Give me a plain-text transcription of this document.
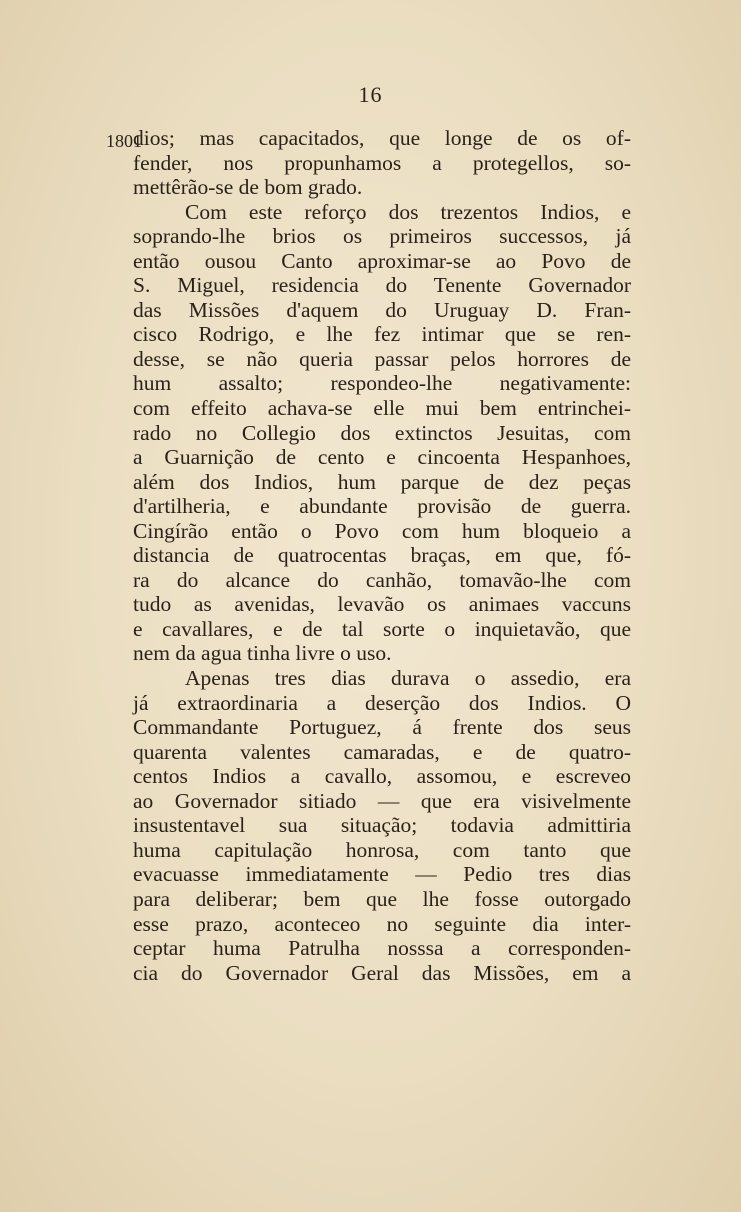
16
1801
dios; mas capacitados, que longe de os of-
fender, nos propunhamos a protegellos, so-
mettêrão-se de bom grado.
Com este reforço dos trezentos Indios, e
soprando-lhe brios os primeiros successos, já
então ousou Canto aproximar-se ao Povo de
S. Miguel, residencia do Tenente Governador
das Missões d'aquem do Uruguay D. Fran-
cisco Rodrigo, e lhe fez intimar que se ren-
desse, se não queria passar pelos horrores de
hum assalto; respondeo-lhe negativamente:
com effeito achava-se elle mui bem entrinchei-
rado no Collegio dos extinctos Jesuitas, com
a Guarnição de cento e cincoenta Hespanhoes,
além dos Indios, hum parque de dez peças
d'artilheria, e abundante provisão de guerra.
Cingírão então o Povo com hum bloqueio a
distancia de quatrocentas braças, em que, fó-
ra do alcance do canhão, tomavão-lhe com
tudo as avenidas, levavão os animaes vaccuns
e cavallares, e de tal sorte o inquietavão, que
nem da agua tinha livre o uso.
Apenas tres dias durava o assedio, era
já extraordinaria a deserção dos Indios. O
Commandante Portuguez, á frente dos seus
quarenta valentes camaradas, e de quatro-
centos Indios a cavallo, assomou, e escreveo
ao Governador sitiado — que era visivelmente
insustentavel sua situação; todavia admittiria
huma capitulação honrosa, com tanto que
evacuasse immediatamente — Pedio tres dias
para deliberar; bem que lhe fosse outorgado
esse prazo, aconteceo no seguinte dia inter-
ceptar huma Patrulha nosssa a corresponden-
cia do Governador Geral das Missões, em a
